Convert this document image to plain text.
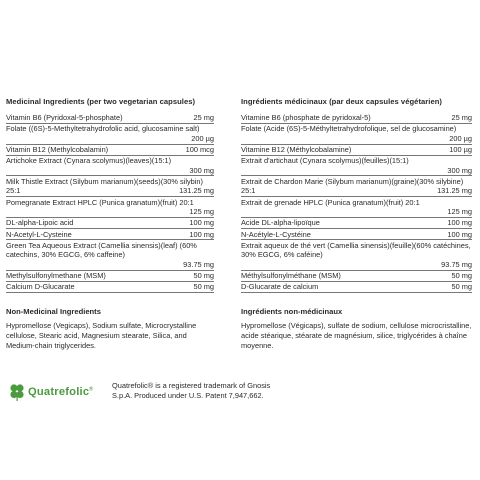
Medicinal Ingredients (per two vegetarian capsules)
Vitamin B6 (Pyridoxal-5-phosphate)	25 mg
Folate ((6S)-5-Methyltetrahydrofolic acid, glucosamine salt)
200 µg
Vitamin B12 (Methylcobalamin)	100 mcg
Artichoke Extract (Cynara scolymus)(leaves)(15:1)
300 mg
Milk Thistle Extract (Silybum marianum)(seeds)(30% silybin) 25:1	131.25 mg
Pomegranate Extract HPLC (Punica granatum)(fruit) 20:1
125 mg
DL-alpha-Lipoic acid	100 mg
N-Acetyl-L-Cysteine	100 mg
Green Tea Aqueous Extract (Camellia sinensis)(leaf) (60% catechins, 30% EGCG, 6% caffeine)
93.75 mg
Methylsulfonylmethane (MSM)	50 mg
Calcium D-Glucarate	50 mg
Non-Medicinal Ingredients
Hypromellose (Vegicaps), Sodium sulfate, Microcrystalline cellulose, Stearic acid, Magnesium stearate, Silica, and Medium-chain triglycerides.
Ingrédients médicinaux (par deux capsules végétarien)
Vitamine B6 (phosphate de pyridoxal-5)	25 mg
Folate (Acide (6S)-5-Méthyltetrahydrofolique, sel de glucosamine)
200 µg
Vitamine B12 (Méthylcobalamine)	100 µg
Extrait d'artichaut (Cynara scolymus)(feuilles)(15:1)
300 mg
Extrait de Chardon Marie (Silybum marianum)(graine)(30% silybine) 25:1	131.25 mg
Extrait de grenade HPLC (Punica granatum)(fruit) 20:1
125 mg
Acide DL-alpha-lipoïque	100 mg
N-Acétyle-L-Cystéine	100 mg
Extrait aqueux de thé vert (Camellia sinensis)(feuille)(60% catéchines, 30% EGCG, 6% caféine)
93.75 mg
Méthylsulfonylméthane (MSM)	50 mg
D-Glucarate de calcium	50 mg
Ingrédients non-médicinaux
Hypromellose (Végicaps), sulfate de sodium, cellulose microcristalline, acide stéarique, stéarate de magnésium, silice, triglycérides à chaîne moyenne.
Quatrefolic®	Quatrefolic® is a registered trademark of Gnosis S.p.A. Produced under U.S. Patent 7,947,662.
